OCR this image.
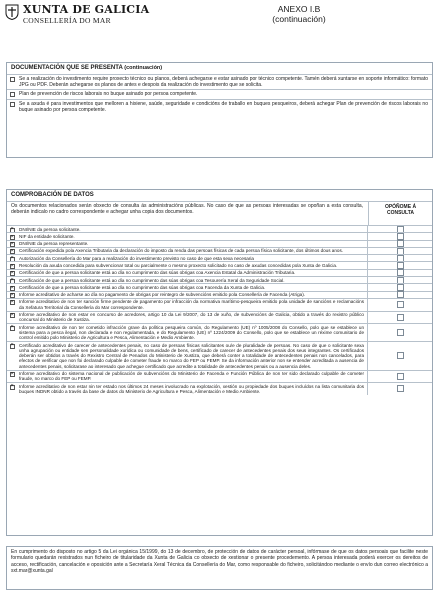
XUNTA DE GALICIA
CONSELLERÍA DO MAR
ANEXO I.B
(continuación)
DOCUMENTACIÓN QUE SE PRESENTA (continuación)
Se a realización do investimento require proxecto técnico ou planos, deberá achegarse e estar asinado por técnico competente. Tamén deberá xuntarse en soporte informático: formato JPG ou PDF. Deberán achegarse os planos de antes e despois da realización do investimento que se solicita.
Plan de prevención de riscos laborais no buque asinado por persoa competente.
Se a axuda é para investimentos que melloren a hixiene, saúde, seguridade e condicións de traballo en buques pesqueiros, deberá achegar Plan de prevención de riscos laborais no buque asinado por persoa competente.
COMPROBACIÓN DE DATOS
Os documentos relacionados serán obxecto de consulta ás administracións públicas. No caso de que as persoas interesadas se opoñan a esta consulta, deberán indicalo no cadro correspondente e achegar unha copia dos documentos.
OPÓÑOME Á
CONSULTA
× DNI/NIE da persoa solicitante.
× NIF da entidade solicitante.
× DNI/NIE da persoa representante.
× Certificación expedida pola Axencia Tributaria da declaración do imposto da renda das persoas físicas de cada persoa física solicitante, dos últimos dous anos.
× Autorización da Consellería do Mar para a realización do investimento previsto no caso de que esta sexa necesaria
× Resolución da axuda concedida para subvencionar total ou parcialmente o mesmo proxecto solicitado no caso de axudas concedidas pola Xunta de Galicia.
× Certificación de que a persoa solicitante está ao día no cumprimento das súas obrigas coa Axencia Estatal da Administración Tributaria.
× Certificación de que a persoa solicitante está ao día no cumprimento das súas obrigas coa Tesourería Xeral da Seguridade Social.
× Certificación de que a persoa solicitante está ao día no cumprimento das súas obrigas coa Facenda da Xunta de Galicia.
× Informe acreditativo de acharse ao día no pagamento de obrigas por reintegro de subvencións emitido pola Consellería de Facenda (Atriga).
× Informe acreditativo de non ter sanción firme pendente de pagamento por infracción da normativa marítimo-pesqueira emitido pola unidade de sancións e reclamacións da Xefatura Territorial da Consellería do Mar correspondente.
× Informe acreditativo de non estar en concurso de acredores, artigo 10 da Lei 9/2007, do 13 de xuño, de subvencións de Galicia, obtido a través do rexistro público concursal do Ministerio de Xustiza.
× Informe acreditativo de non ter cometido infracción grave da política pesqueira común, do Regulamento (UE) nº 1005/2008 do Consello, polo que se establece un sistema para a pesca ilegal, non declarada e non regulamentada, e do Regulamento (UE) nº 1224/2009 do Consello, polo que se establece un réxime comunitario de control emitido polo Ministerio de Agricultura e Pesca, Alimentación e Medio Ambiente.
× Certificado acreditativo de carecer de antecedentes penais, no caso de persoas físicas solicitantes ou/e de pluralidade de persoas. No caso de que o solicitante sexa unha agrupación ou entidade sen personalidade xurídica ou comunidade de bens, certificado de carecer de antecedentes penais dos seus integrantes. Os certificados deberán ser obtidos a través do Rexistro Central de Penados do Ministerio de Xustiza, que deberá conter a totalidade de antecedentes penais non cancelados, para efectos de verificar que non foi declarado culpable de cometer fraude no marco do FEP ou FEMP. Se da información anterior non se entender acreditada a ausencia de antecedentes penais, solicitarase ao interesado que achegue certificado que acredite a totalidade de antecedentes penais ou a ausencia deles.
× Informe acreditativo do sistema nacional de publicación de subvencións do Ministerio de Facenda e Función Pública de non ter sido declarado culpable de cometer fraude, no marco do FEP ou FEMP.
× Informe acreditativo de non estar nin ter estado nos últimos 24 meses involucrado na explotación, xestión ou propiedade dos buques incluídos na lista comunitaria dos buques INDNR obtido a través da base de datos do Ministerio de Agricultura e Pesca, Alimentación e Medio Ambiente.
En cumprimento do disposto no artigo 5 da Lei orgánica 15/1999, do 13 de decembro, de protección de datos de carácter persoal, infórmase de que os datos persoais que facilite neste formulario quedarán rexistrados nun ficheiro de titularidade da Xunta de Galicia co obxecto de xestionar o presente procedemento. A persoa interesada poderá exercer os dereitos de acceso, rectificación, cancelación e oposición ante a Secretaría Xeral Técnica da Consellería do Mar, como responsable do ficheiro, solicitándoo mediante o envío dun correo electrónico a sxt.mar@xunta.gal
